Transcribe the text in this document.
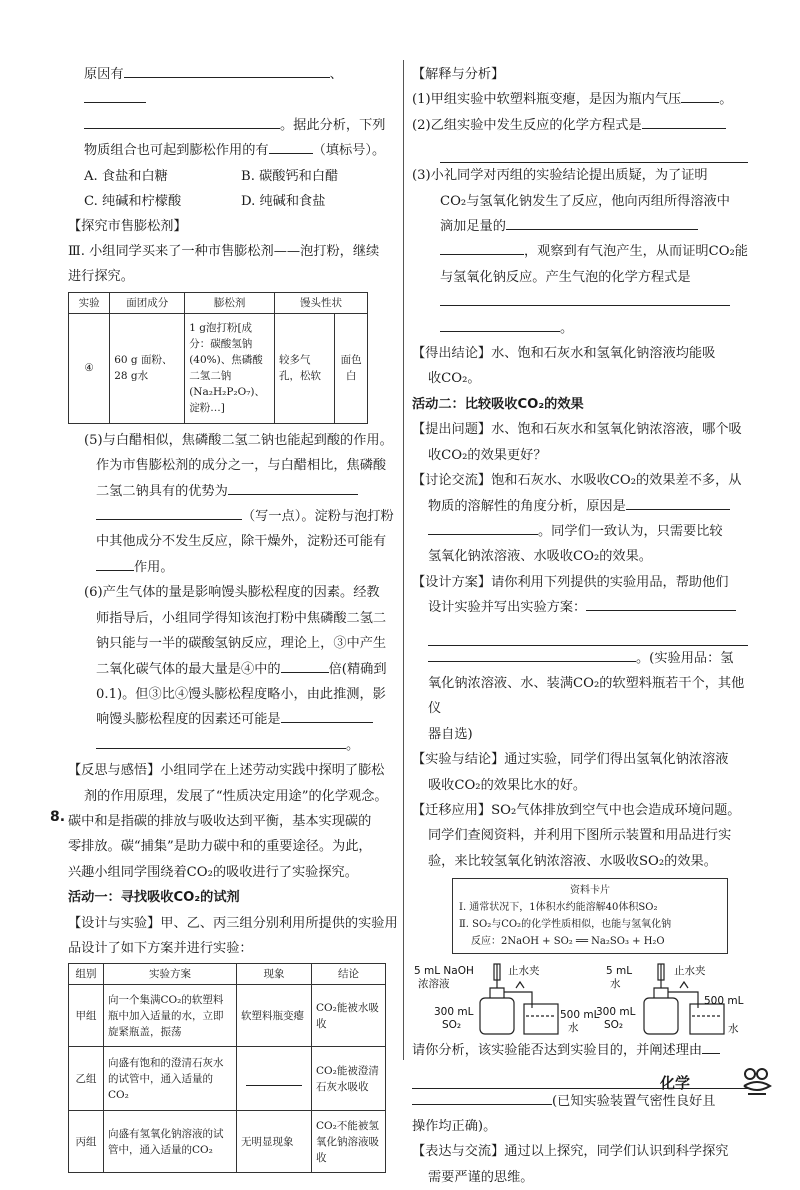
原因有	、

。据此分析，下列

物质组合也可起到膨松作用的有	（填标号）。

A. 食盐和白糖	B. 碳酸钙和白醋
C. 纯碱和柠檬酸	D. 纯碱和食盐

【探究市售膨松剂】

Ⅲ. 小组同学买来了一种市售膨松剂——泡打粉，继续

进行探究。

实验	面团成分	膨松剂	馒头性状	
④	60 g 面粉、28 g水	1 g泡打粉[成分：碳酸氢钠(40%)、焦磷酸二氢二钠(Na₂H₂P₂O₇)、淀粉…]	较多气孔，松软	面色白

(5)与白醋相似，焦磷酸二氢二钠也能起到酸的作用。

作为市售膨松剂的成分之一，与白醋相比，焦磷酸

二氢二钠具有的优势为

（写一点）。淀粉与泡打粉

中其他成分不发生反应，除干燥外，淀粉还可能有

作用。

(6)产生气体的量是影响馒头膨松程度的因素。经教

师指导后，小组同学得知该泡打粉中焦磷酸二氢二

钠只能与一半的碳酸氢钠反应，理论上，③中产生

二氧化碳气体的最大量是④中的	倍(精确到

0.1)。但③比④馒头膨松程度略小，由此推测，影

响馒头膨松程度的因素还可能是

。

【反思与感悟】小组同学在上述劳动实践中探明了膨松

剂的作用原理，发展了“性质决定用途”的化学观念。

8. 碳中和是指碳的排放与吸收达到平衡，基本实现碳的

零排放。碳“捕集”是助力碳中和的重要途径。为此，

兴趣小组同学围绕着CO₂的吸收进行了实验探究。

活动一：寻找吸收CO₂的试剂

【设计与实验】甲、乙、丙三组分别利用所提供的实验用

品设计了如下方案并进行实验：

组别	实验方案	现象	结论
甲组	向一个集满CO₂的软塑料瓶中加入适量的水，立即旋紧瓶盖，振荡	软塑料瓶变瘪	CO₂能被水吸收
乙组	向盛有饱和的澄清石灰水的试管中，通入适量的CO₂		CO₂能被澄清石灰水吸收
丙组	向盛有氢氧化钠溶液的试管中，通入适量的CO₂	无明显现象	CO₂不能被氢氧化钠溶液吸收

【解释与分析】

(1)甲组实验中软塑料瓶变瘪，是因为瓶内气压	。

(2)乙组实验中发生反应的化学方程式是

(3)小礼同学对丙组的实验结论提出质疑，为了证明

CO₂与氢氧化钠发生了反应，他向丙组所得溶液中

滴加足量的

，观察到有气泡产生，从而证明CO₂能

与氢氧化钠反应。产生气泡的化学方程式是

。

【得出结论】水、饱和石灰水和氢氧化钠溶液均能吸

收CO₂。

活动二：比较吸收CO₂的效果

【提出问题】水、饱和石灰水和氢氧化钠浓溶液，哪个吸

收CO₂的效果更好？

【讨论交流】饱和石灰水、水吸收CO₂的效果差不多，从

物质的溶解性的角度分析，原因是

。同学们一致认为，只需要比较

氢氧化钠浓溶液、水吸收CO₂的效果。

【设计方案】请你利用下列提供的实验用品，帮助他们

设计实验并写出实验方案：

。(实验用品：氢

氧化钠浓溶液、水、装满CO₂的软塑料瓶若干个，其他仪

器自选)

【实验与结论】通过实验，同学们得出氢氧化钠浓溶液

吸收CO₂的效果比水的好。

【迁移应用】SO₂气体排放到空气中也会造成环境问题。

同学们查阅资料，并利用下图所示装置和用品进行实

验，来比较氢氧化钠浓溶液、水吸收SO₂的效果。

资料卡片
Ⅰ. 通常状况下，1体积水约能溶解40体积SO₂
Ⅱ. SO₂与CO₂的化学性质相似，也能与氢氧化钠
反应：2NaOH + SO₂ ══ Na₂SO₃ + H₂O
5 mL NaOH
浓溶液
止水夹
300 mL
SO₂
500 mL
水
5 mL
水
止水夹
300 mL
SO₂
500 mL
水

请你分析，该实验能否达到实验目的，并阐述理由

(已知实验装置气密性良好且

操作均正确)。

【表达与交流】通过以上探究，同学们认识到科学探究

需要严谨的思维。

化学
